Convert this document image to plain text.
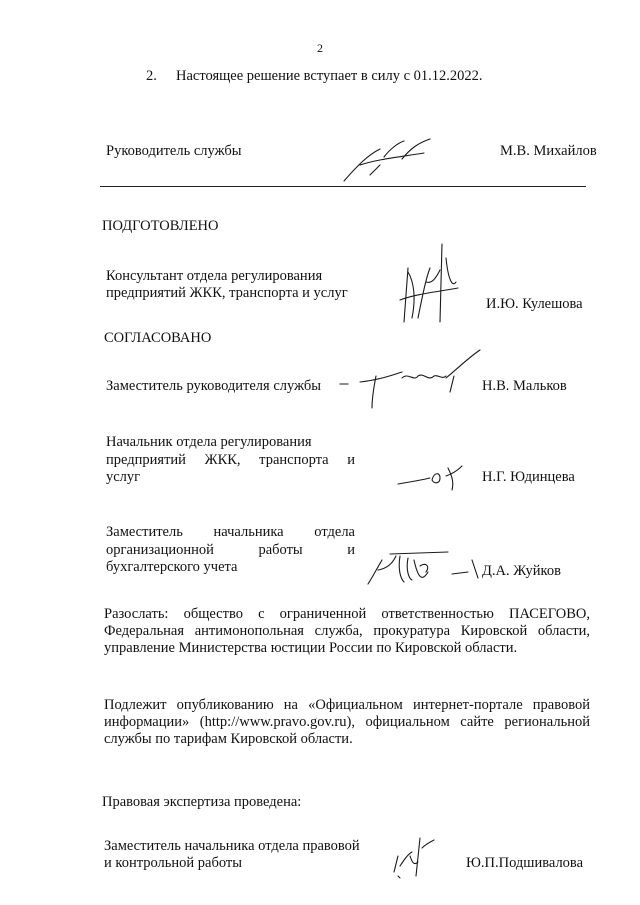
2
2. Настоящее решение вступает в силу с 01.12.2022.
Руководитель службы	М.В. Михайлов
ПОДГОТОВЛЕНО
Консультант отдела регулирования
предприятий ЖКК, транспорта и услуг
И.Ю. Кулешова
СОГЛАСОВАНО
Заместитель руководителя службы	Н.В. Мальков
Начальник отдела регулирования
предприятий ЖКК, транспорта и
услуг	Н.Г. Юдинцева
Заместитель начальника отдела
организационной работы и
бухгалтерского учета	Д.А. Жуйков
Разослать: общество с ограниченной ответственностью ПАСЕГОВО,
Федеральная антимонопольная служба, прокуратура Кировской области,
управление Министерства юстиции России по Кировской области.
Подлежит опубликованию на «Официальном интернет-портале правовой
информации» (http://www.pravo.gov.ru), официальном сайте региональной
службы по тарифам Кировской области.
Правовая экспертиза проведена:
Заместитель начальника отдела правовой
и контрольной работы	Ю.П.Подшивалова
